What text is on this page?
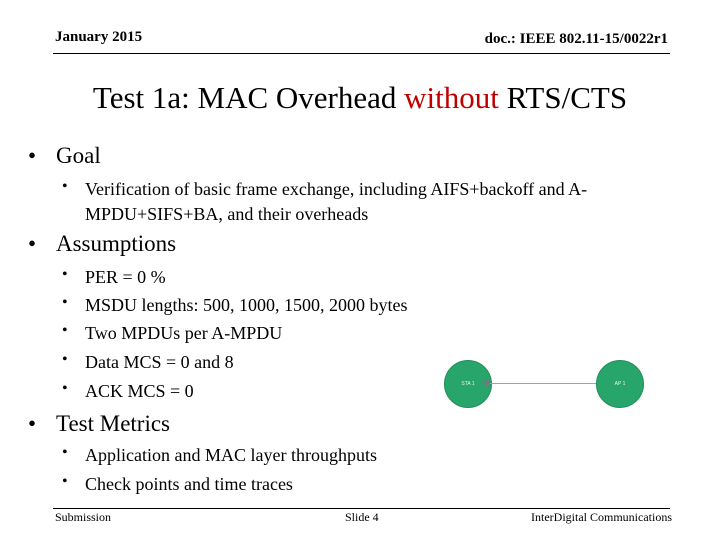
January 2015	doc.: IEEE 802.11-15/0022r1
Test 1a: MAC Overhead without RTS/CTS
• Goal
• Verification of basic frame exchange, including AIFS+backoff and A-MPDU+SIFS+BA, and their overheads
• Assumptions
• PER = 0 %
• MSDU lengths: 500, 1000, 1500, 2000 bytes
• Two MPDUs per A-MPDU
• Data MCS = 0 and 8
• ACK MCS = 0	STA 1	AP 1
• Test Metrics
• Application and MAC layer throughputs
• Check points and time traces
Submission	Slide 4	InterDigital Communications
